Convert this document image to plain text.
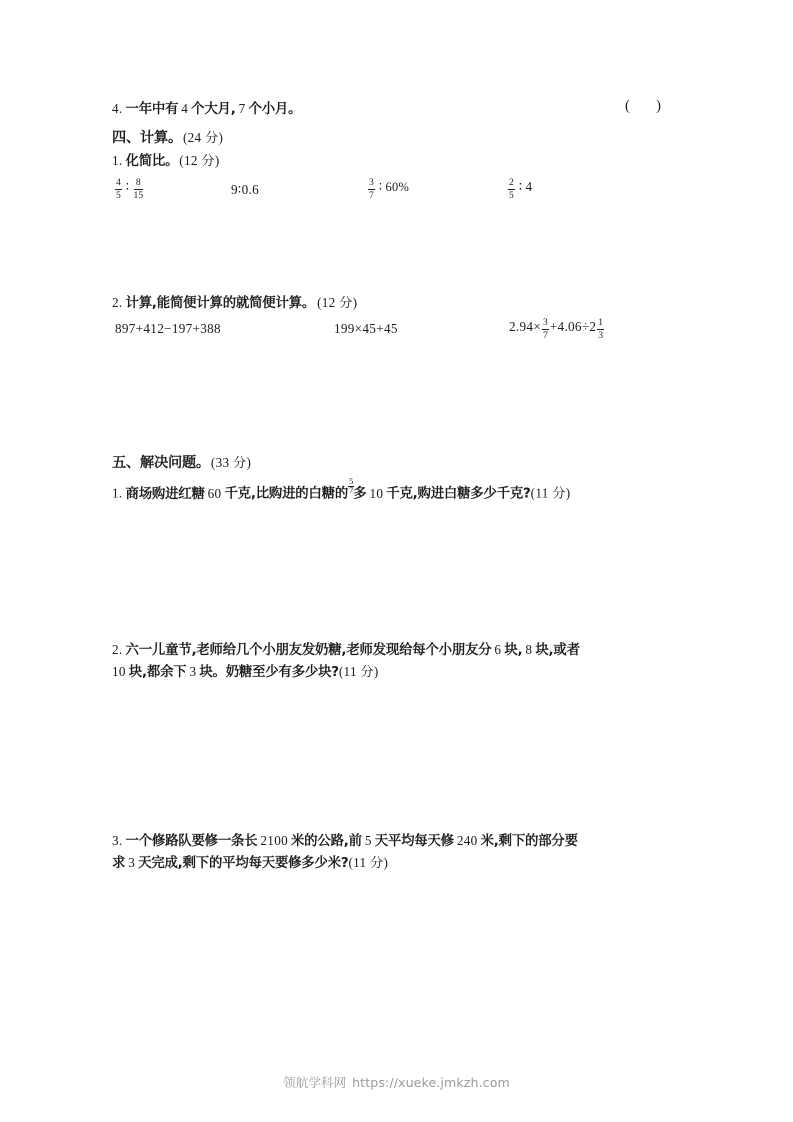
4. 一年中有 4 个大月, 7 个小月。	( )
四、计算。(24 分)
1. 化简比。(12 分)
$\frac{4}{5}$ ∶ $\frac{8}{15}$	9∶0.6	$\frac{3}{7}$ ∶ 60%	$\frac{2}{5}$ ∶ 4
2. 计算,能简便计算的就简便计算。 (12 分)
897+412−197+388	199×45+45	$2.94\times \frac{3}{7} +4.06\div 2 \frac{1}{3}$
五、解决问题。(33 分)
1. 商场购进红糖 60 千克,比购进的白糖的 $\frac{5}{7}$ 多 10 千克,购进白糖多少千克?(11 分)
2. 六一儿童节,老师给几个小朋友发奶糖,老师发现给每个小朋友分 6 块, 8 块,或者
10 块,都余下 3 块。奶糖至少有多少块?(11 分)
3. 一个修路队要修一条长 2100 米的公路,前 5 天平均每天修 240 米,剩下的部分要
求 3 天完成,剩下的平均每天要修多少米?(11 分)
领航学科网 https://xueke.jmkzh.com
